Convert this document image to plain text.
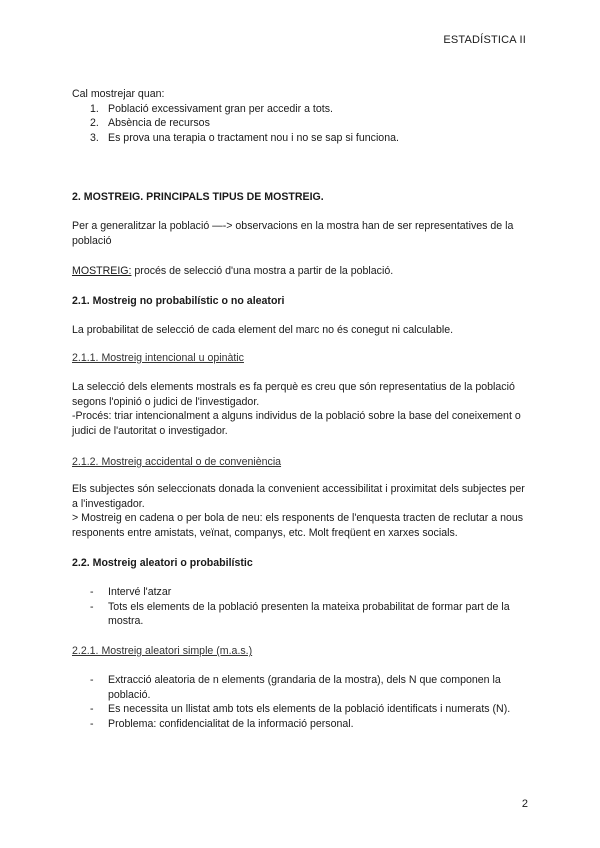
ESTADÍSTICA II
Cal mostrejar quan:
1. Població excessivament gran per accedir a tots.
2. Absència de recursos
3. Es prova una terapia o tractament nou i no se sap si funciona.
2. MOSTREIG. PRINCIPALS TIPUS DE MOSTREIG.
Per a generalitzar la població —-> observacions en la mostra han de ser representatives de la població
MOSTREIG: procés de selecció d'una mostra a partir de la població.
2.1. Mostreig no probabilístic o no aleatori
La probabilitat de selecció de cada element del marc no és conegut ni calculable.
2.1.1. Mostreig intencional u opinàtic
La selecció dels elements mostrals es fa perquè es creu que són representatius de la població segons l'opinió o judici de l'investigador.
-Procés: triar intencionalment a alguns individus de la població sobre la base del coneixement o judici de l'autoritat o investigador.
2.1.2. Mostreig accidental o de conveniència
Els subjectes són seleccionats donada la convenient accessibilitat i proximitat dels subjectes per a l'investigador.
> Mostreig en cadena o per bola de neu: els responents de l'enquesta tracten de reclutar a nous responents entre amistats, veïnat, companys, etc. Molt freqüent en xarxes socials.
2.2. Mostreig aleatori o probabilístic
- Intervé l'atzar
- Tots els elements de la població presenten la mateixa probabilitat de formar part de la mostra.
2.2.1. Mostreig aleatori simple (m.a.s.)
- Extracció aleatoria de n elements (grandaria de la mostra), dels N que componen la població.
- Es necessita un llistat amb tots els elements de la població identificats i numerats (N).
- Problema: confidencialitat de la informació personal.
2
